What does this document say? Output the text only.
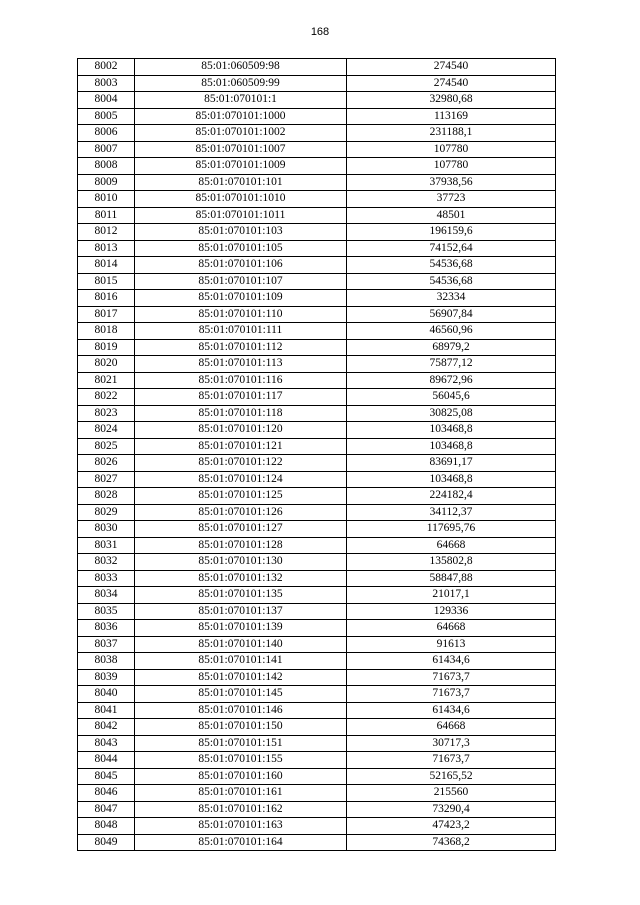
168
8002	85:01:060509:98	274540
8003	85:01:060509:99	274540
8004	85:01:070101:1	32980,68
8005	85:01:070101:1000	113169
8006	85:01:070101:1002	231188,1
8007	85:01:070101:1007	107780
8008	85:01:070101:1009	107780
8009	85:01:070101:101	37938,56
8010	85:01:070101:1010	37723
8011	85:01:070101:1011	48501
8012	85:01:070101:103	196159,6
8013	85:01:070101:105	74152,64
8014	85:01:070101:106	54536,68
8015	85:01:070101:107	54536,68
8016	85:01:070101:109	32334
8017	85:01:070101:110	56907,84
8018	85:01:070101:111	46560,96
8019	85:01:070101:112	68979,2
8020	85:01:070101:113	75877,12
8021	85:01:070101:116	89672,96
8022	85:01:070101:117	56045,6
8023	85:01:070101:118	30825,08
8024	85:01:070101:120	103468,8
8025	85:01:070101:121	103468,8
8026	85:01:070101:122	83691,17
8027	85:01:070101:124	103468,8
8028	85:01:070101:125	224182,4
8029	85:01:070101:126	34112,37
8030	85:01:070101:127	117695,76
8031	85:01:070101:128	64668
8032	85:01:070101:130	135802,8
8033	85:01:070101:132	58847,88
8034	85:01:070101:135	21017,1
8035	85:01:070101:137	129336
8036	85:01:070101:139	64668
8037	85:01:070101:140	91613
8038	85:01:070101:141	61434,6
8039	85:01:070101:142	71673,7
8040	85:01:070101:145	71673,7
8041	85:01:070101:146	61434,6
8042	85:01:070101:150	64668
8043	85:01:070101:151	30717,3
8044	85:01:070101:155	71673,7
8045	85:01:070101:160	52165,52
8046	85:01:070101:161	215560
8047	85:01:070101:162	73290,4
8048	85:01:070101:163	47423,2
8049	85:01:070101:164	74368,2
